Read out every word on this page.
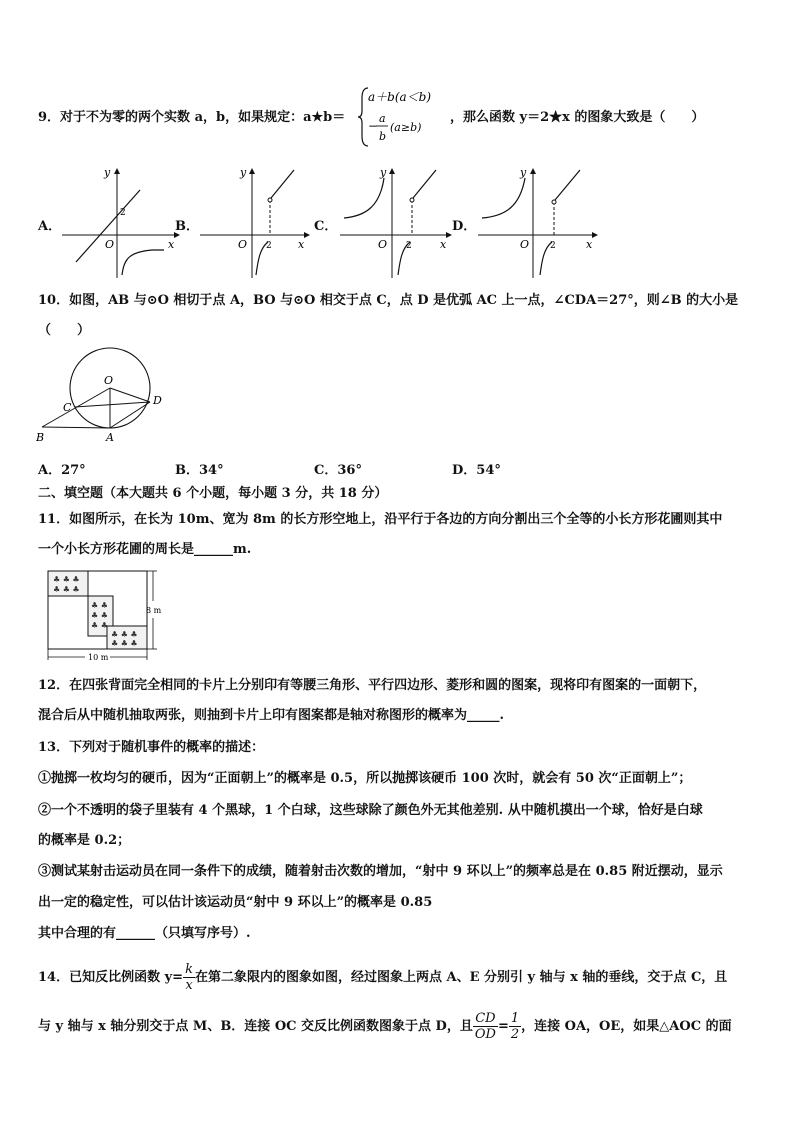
9．对于不为零的两个实数 a，b，如果规定：a★b＝
a＋b(a＜b)
−
a
b
(a≥b)
，那么函数 y＝2★x 的图象大致是（　　）
A．
y
x
O
2
B．
y
x
O 2
C．
y
x
O 2
D．
y
x
O 2
10．如图，AB 与⊙O 相切于点 A，BO 与⊙O 相交于点 C，点 D 是优弧 AC 上一点，∠CDA＝27°，则∠B 的大小是
（　　）
O
C
D
B	A
A．27°	B．34°	C．36°	D．54°
二、填空题（本大题共 6 个小题，每小题 3 分，共 18 分）
11．如图所示，在长为 10m、宽为 8m 的长方形空地上，沿平行于各边的方向分割出三个全等的小长方形花圃则其中
一个小长方形花圃的周长是______m.
♣ ♣ ♣
♣ ♣ ♣
♣ ♣
♣ ♣
♣ ♣
♣ ♣ ♣
♣ ♣ ♣
8 m
10 m
12．在四张背面完全相同的卡片上分别印有等腰三角形、平行四边形、菱形和圆的图案，现将印有图案的一面朝下，
混合后从中随机抽取两张，则抽到卡片上印有图案都是轴对称图形的概率为_____.
13．下列对于随机事件的概率的描述：
①抛掷一枚均匀的硬币，因为“正面朝上”的概率是 0.5，所以抛掷该硬币 100 次时，就会有 50 次“正面朝上”；
②一个不透明的袋子里装有 4 个黑球，1 个白球，这些球除了颜色外无其他差别. 从中随机摸出一个球，恰好是白球
的概率是 0.2；
③测试某射击运动员在同一条件下的成绩，随着射击次数的增加，“射中 9 环以上”的频率总是在 0.85 附近摆动，显示
出一定的稳定性，可以估计该运动员“射中 9 环以上”的概率是 0.85
其中合理的有______（只填写序号）.
14．已知反比例函数 $y= \frac{k}{x}$ 在第二象限内的图象如图，经过图象上两点 A、E 分别引 y 轴与 x 轴的垂线，交于点 C，且
与 y 轴与 x 轴分别交于点 M、B．连接 OC 交反比例函数图象于点 D，且 $\frac{CD}{OD} = \frac{1}{2}$ ，连接 OA，OE，如果△AOC 的面
